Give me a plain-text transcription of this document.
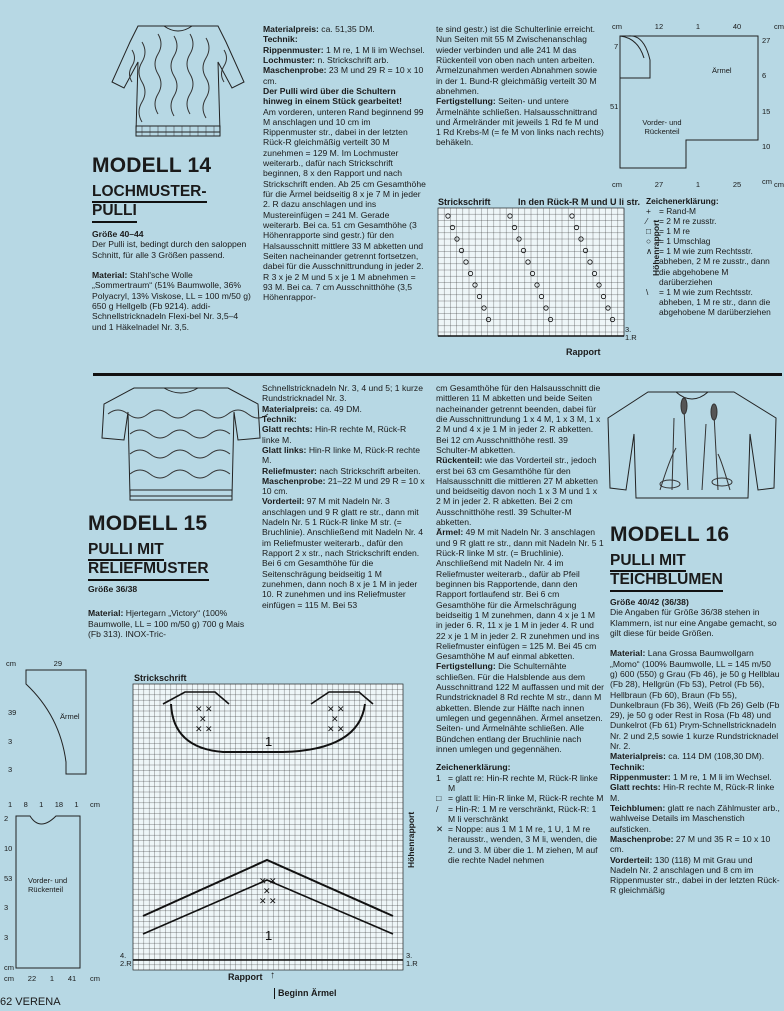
MODELL 14
LOCHMUSTER-
PULLI

Größe 40–44

Der Pulli ist, bedingt durch den saloppen Schnitt, für alle 3 Größen passend.

Material: Stahl'sche Wolle „Sommertraum“ (51% Baumwolle, 36% Polyacryl, 13% Viskose, LL = 100 m/50 g) 650 g Hellgelb (Fb 9214). addi-Schnellstricknadeln Flexi-bel Nr. 3,5–4 und 1 Häkelnadel Nr. 3,5.

Materialpreis: ca. 51,35 DM.

Technik:

Rippenmuster: 1 M re, 1 M li im Wechsel.

Lochmuster: n. Strickschrift arb.

Maschenprobe: 23 M und 29 R = 10 x 10 cm.

Der Pulli wird über die Schultern hinweg in einem Stück gearbeitet!

Am vorderen, unteren Rand beginnend 99 M anschlagen und 10 cm im Rippenmuster str., dabei in der letzten Rück-R gleichmäßig verteilt 30 M zunehmen = 129 M. Im Lochmuster weiterarb., dafür nach Strickschrift beginnen, 8 x den Rapport und nach Strickschrift enden. Ab 25 cm Gesamthöhe für die Ärmel beidseitig 8 x je 7 M in jeder 2. R dazu anschlagen und ins Mustereinfügen = 241 M. Gerade weiterarb. Bei ca. 51 cm Gesamthöhe (3 Höhenrapporte sind gestr.) für den Halsausschnitt mittlere 33 M abketten und Seiten nacheinander getrennt fortsetzen, dabei für die Ausschnittrundung in jeder 2. R 3 x je 2 M und 5 x je 1 M abnehmen = 93 M. Bei ca. 7 cm Ausschnitthöhe (3,5 Höhenrappor-

te sind gestr.) ist die Schulterlinie erreicht. Nun Seiten mit 55 M Zwischenanschlag wieder verbinden und alle 241 M das Rückenteil von oben nach unten arbeiten. Ärmelzunahmen werden Abnahmen sowie in der 1. Bund-R gleichmäßig verteilt 30 M abnehmen.

Fertigstellung: Seiten- und untere Ärmelnähte schließen. Halsausschnittrand und Ärmelränder mit jeweils 1 Rd fe M und 1 Rd Krebs-M (= fe M von links nach rechts) behäkeln.

Strickschrift	In den Rück-R M und U li str.
Rapport
Höhenrapport
3.
1.R
cm	12	1	40	cm
27
6
15
10
cm
cm	27	1	25	cm
7
51
Ärmel
Vorder- und Rückenteil
Zeichenerklärung:
+ = Rand-M
⁄	= 2 M re zusstr.
□ = 1 M re
○ = 1 Umschlag
∧ = 1 M wie zum Rechtsstr. abheben, 2 M re zusstr., dann die abgehobene M darüberziehen
\	= 1 M wie zum Rechtsstr. abheben, 1 M re str., dann die abgehobene M darüberziehen
MODELL 15
PULLI MIT
RELIEFMUSTER

Größe 36/38

Material: Hjertegarn „Victory“ (100% Baumwolle, LL = 100 m/50 g) 700 g Mais (Fb 313). INOX-Tric-

Schnellstricknadeln Nr. 3, 4 und 5; 1 kurze Rundstricknadel Nr. 3.

Materialpreis: ca. 49 DM.

Technik:

Glatt rechts: Hin-R rechte M, Rück-R linke M.

Glatt links: Hin-R linke M, Rück-R rechte M.

Reliefmuster: nach Strickschrift arbeiten.

Maschenprobe: 21–22 M und 29 R = 10 x 10 cm.

Vorderteil: 97 M mit Nadeln Nr. 3 anschlagen und 9 R glatt re str., dann mit Nadeln Nr. 5 1 Rück-R linke M str. (= Bruchlinie). Anschließend mit Nadeln Nr. 4 im Reliefmuster weiterarb., dafür den Rapport 2 x str., nach Strickschrift enden. Bei 6 cm Gesamthöhe für die Seitenschrägung beidseitig 1 M zunehmen, dann noch 8 x je 1 M in jeder 10. R zunehmen und ins Reliefmuster einfügen = 115 M. Bei 53

cm Gesamthöhe für den Halsausschnitt die mittleren 11 M abketten und beide Seiten nacheinander getrennt beenden, dabei für die Ausschnittrundung 1 x 4 M, 1 x 3 M, 1 x 2 M und 4 x je 1 M in jeder 2. R abketten. Bei 12 cm Ausschnitthöhe restl. 39 Schulter-M abketten.

Rückenteil: wie das Vorderteil str., jedoch erst bei 63 cm Gesamthöhe für den Halsausschnitt die mittleren 27 M abketten und beidseitig davon noch 1 x 3 M und 1 x 2 M in jeder 2. R abketten. Bei 2 cm Ausschnitthöhe restl. 39 Schulter-M abketten.

Ärmel: 49 M mit Nadeln Nr. 3 anschlagen und 9 R glatt re str., dann mit Nadeln Nr. 5 1 Rück-R linke M str. (= Bruchlinie). Anschließend mit Nadeln Nr. 4 im Reliefmuster weiterarb., dafür ab Pfeil beginnen bis Rapportende, dann den Rapport fortlaufend str. Bei 6 cm Gesamthöhe für die Ärmelschrägung beidseitig 1 M zunehmen, dann 4 x je 1 M in jeder 6. R, 11 x je 1 M in jeder 4. R und 22 x je 1 M in jeder 2. R zunehmen und ins Reliefmuster einfügen = 125 M. Bei 45 cm Gesamthöhe M auf einmal abketten.

Fertigstellung: Die Schulternähte schließen. Für die Halsblende aus dem Ausschnittrand 122 M auffassen und mit der Rundstricknadel 8 Rd rechte M str., dann M abketten. Blende zur Hälfte nach innen umlegen und gegennähen. Ärmel ansetzen. Seiten- und Ärmelnähte schließen. Alle Bündchen entlang der Bruchlinie nach innen umlegen und gegennähen.

Zeichenerklärung:

1 = glatt re: Hin-R rechte M, Rück-R linke M
□ = glatt li: Hin-R linke M, Rück-R rechte M
/	= Hin-R: 1 M re verschränkt, Rück-R: 1 M li verschränkt
✕ = Noppe: aus 1 M 1 M re, 1 U, 1 M re herausstr., wenden, 3 M li, wenden, die 2. und 3. M über die 1. M ziehen, M auf die rechte Nadel nehmen
Strickschrift
✕ ✕
✕
✕ ✕
✕ ✕
✕
✕ ✕
✕ ✕
✕
✕ ✕
1
1
4.
2.R
3.
1.R
Höhenrapport
Rapport ↑
Beginn Ärmel
cm	29
39
3
3
Ärmel
1 8 1 18 1 cm
2
10
53
3
3
cm
Vorder- und Rückenteil
cm 22 1 41 cm
MODELL 16
PULLI MIT
TEICHBLUMEN

Größe 40/42 (36/38)

Die Angaben für Größe 36/38 stehen in Klammern, ist nur eine Angabe gemacht, so gilt diese für beide Größen.

Material: Lana Grossa Baumwollgarn „Momo“ (100% Baumwolle, LL = 145 m/50 g) 600 (550) g Grau (Fb 46), je 50 g Hellblau (Fb 28), Hellgrün (Fb 53), Petrol (Fb 56), Hellbraun (Fb 60), Braun (Fb 55), Dunkelbraun (Fb 36), Weiß (Fb 26) Gelb (Fb 29), je 50 g oder Rest in Rosa (Fb 48) und Dunkelrot (Fb 61) Prym-Schnellstricknadeln Nr. 2 und 2,5 sowie 1 kurze Rundstricknadel Nr. 2.

Materialpreis: ca. 114 DM (108,30 DM).

Technik:

Rippenmuster: 1 M re, 1 M li im Wechsel.

Glatt rechts: Hin-R rechte M, Rück-R linke M.

Teichblumen: glatt re nach Zählmuster arb., wahlweise Details im Maschenstich aufsticken.

Maschenprobe: 27 M und 35 R = 10 x 10 cm.

Vorderteil: 130 (118) M mit Grau und Nadeln Nr. 2 anschlagen und 8 cm im Rippenmuster str., dabei in der letzten Rück-R gleichmäßig

62 VERENA
